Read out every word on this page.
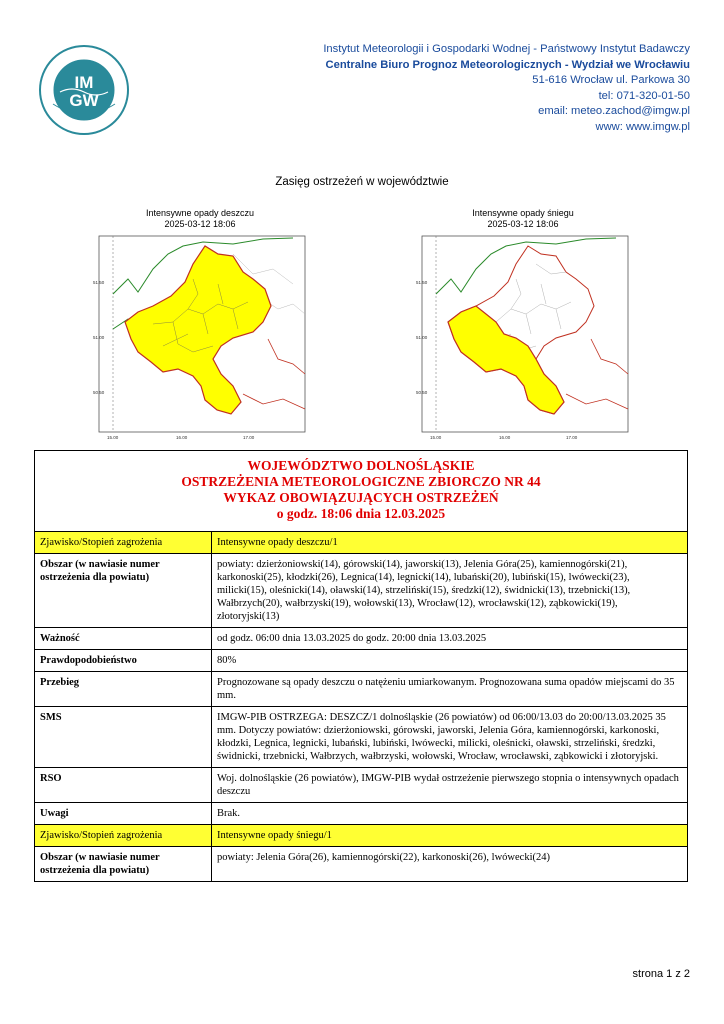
IM
GW
Instytut Meteorologii i Gospodarki Wodnej - Państwowy Instytut Badawczy
Centralne Biuro Prognoz Meteorologicznych - Wydział we Wrocławiu
51-616 Wrocław ul. Parkowa 30
tel: 071-320-01-50
email: meteo.zachod@imgw.pl
www: www.imgw.pl
Zasięg ostrzeżeń w województwie
Intensywne opady deszczu
2025-03-12 18:06
51.50
51.00
50.50
15.00	16.00	17.00
Intensywne opady śniegu
2025-03-12 18:06
51.50
51.00
50.50
15.00	16.00	17.00
WOJEWÓDZTWO DOLNOŚLĄSKIE
OSTRZEŻENIA METEOROLOGICZNE ZBIORCZO NR 44
WYKAZ OBOWIĄZUJĄCYCH OSTRZEŻEŃ
o godz. 18:06 dnia 12.03.2025
Zjawisko/Stopień zagrożenia	Intensywne opady deszczu/1
Obszar (w nawiasie numer ostrzeżenia dla powiatu)	powiaty: dzierżoniowski(14), górowski(14), jaworski(13), Jelenia Góra(25), kamiennogórski(21), karkonoski(25), kłodzki(26), Legnica(14), legnicki(14), lubański(20), lubiński(15), lwówecki(23), milicki(15), oleśnicki(14), oławski(14), strzeliński(15), średzki(12), świdnicki(13), trzebnicki(13), Wałbrzych(20), wałbrzyski(19), wołowski(13), Wrocław(12), wrocławski(12), ząbkowicki(19), złotoryjski(13)
Ważność	od godz. 06:00 dnia 13.03.2025 do godz. 20:00 dnia 13.03.2025
Prawdopodobieństwo	80%
Przebieg	Prognozowane są opady deszczu o natężeniu umiarkowanym. Prognozowana suma opadów miejscami do 35 mm.
SMS	IMGW-PIB OSTRZEGA: DESZCZ/1 dolnośląskie (26 powiatów) od 06:00/13.03 do 20:00/13.03.2025 35 mm. Dotyczy powiatów: dzierżoniowski, górowski, jaworski, Jelenia Góra, kamiennogórski, karkonoski, kłodzki, Legnica, legnicki, lubański, lubiński, lwówecki, milicki, oleśnicki, oławski, strzeliński, średzki, świdnicki, trzebnicki, Wałbrzych, wałbrzyski, wołowski, Wrocław, wrocławski, ząbkowicki i złotoryjski.
RSO	Woj. dolnośląskie (26 powiatów), IMGW-PIB wydał ostrzeżenie pierwszego stopnia o intensywnych opadach deszczu
Uwagi	Brak.
Zjawisko/Stopień zagrożenia	Intensywne opady śniegu/1
Obszar (w nawiasie numer ostrzeżenia dla powiatu)	powiaty: Jelenia Góra(26), kamiennogórski(22), karkonoski(26), lwówecki(24)
strona 1 z 2
